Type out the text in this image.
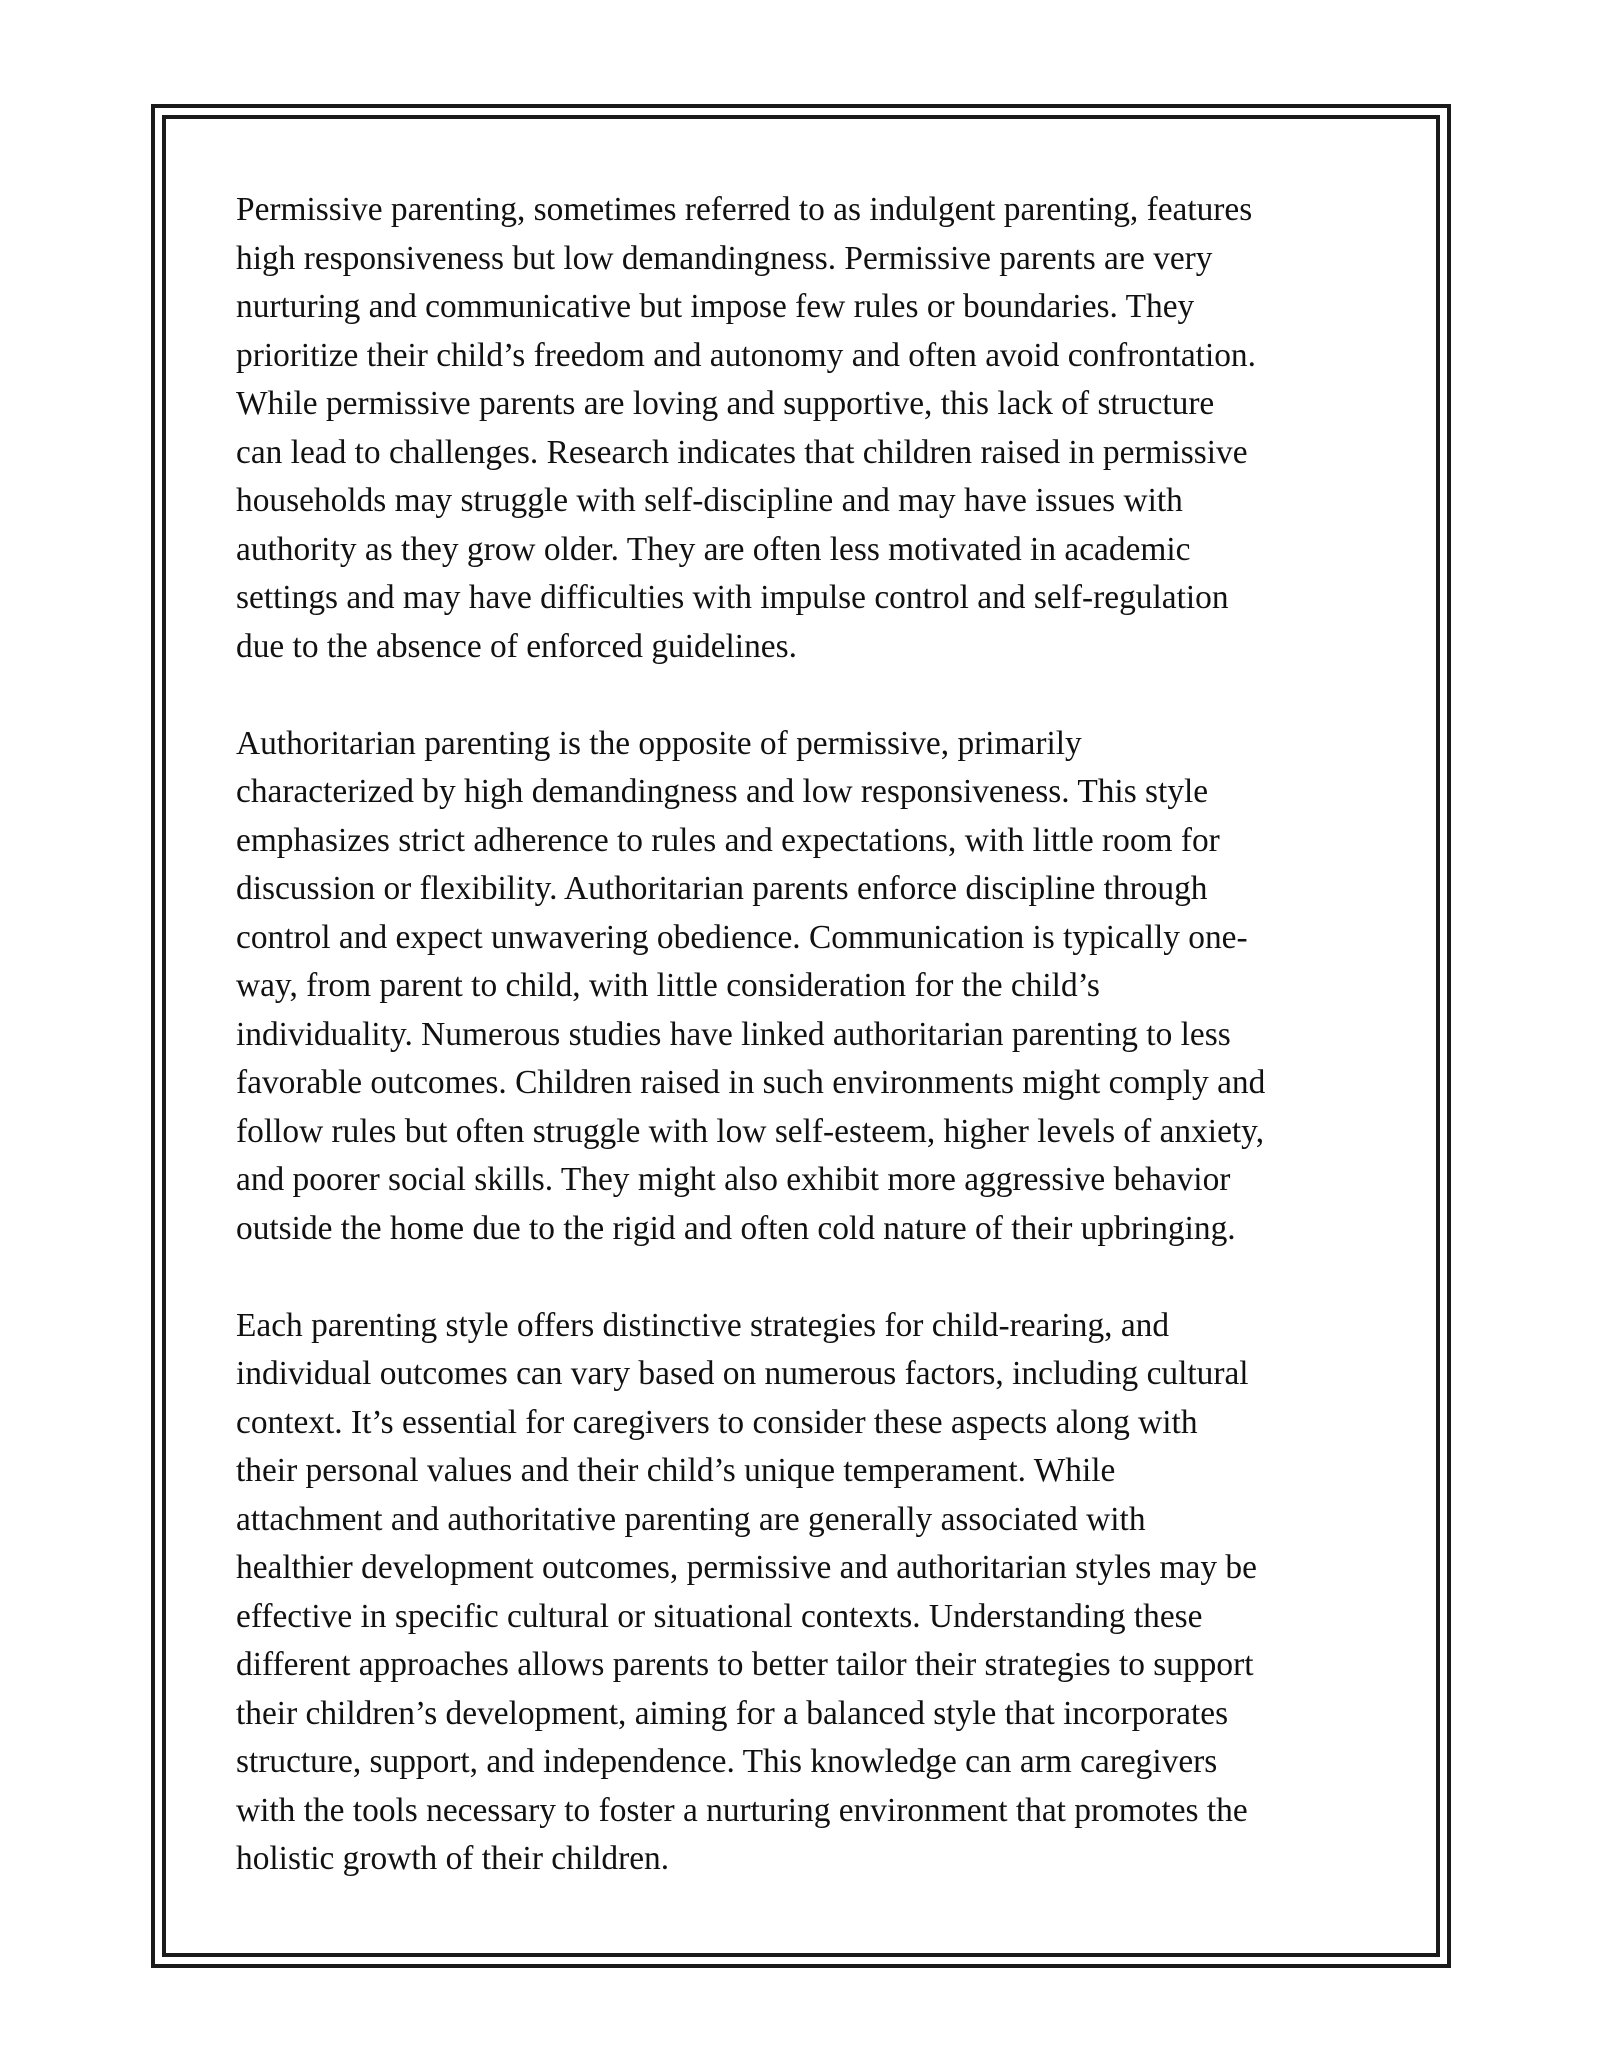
Permissive parenting, sometimes referred to as indulgent parenting, features
high responsiveness but low demandingness. Permissive parents are very
nurturing and communicative but impose few rules or boundaries. They
prioritize their child’s freedom and autonomy and often avoid confrontation.
While permissive parents are loving and supportive, this lack of structure
can lead to challenges. Research indicates that children raised in permissive
households may struggle with self-discipline and may have issues with
authority as they grow older. They are often less motivated in academic
settings and may have difficulties with impulse control and self-regulation
due to the absence of enforced guidelines.

Authoritarian parenting is the opposite of permissive, primarily
characterized by high demandingness and low responsiveness. This style
emphasizes strict adherence to rules and expectations, with little room for
discussion or flexibility. Authoritarian parents enforce discipline through
control and expect unwavering obedience. Communication is typically one-
way, from parent to child, with little consideration for the child’s
individuality. Numerous studies have linked authoritarian parenting to less
favorable outcomes. Children raised in such environments might comply and
follow rules but often struggle with low self-esteem, higher levels of anxiety,
and poorer social skills. They might also exhibit more aggressive behavior
outside the home due to the rigid and often cold nature of their upbringing.

Each parenting style offers distinctive strategies for child-rearing, and
individual outcomes can vary based on numerous factors, including cultural
context. It’s essential for caregivers to consider these aspects along with
their personal values and their child’s unique temperament. While
attachment and authoritative parenting are generally associated with
healthier development outcomes, permissive and authoritarian styles may be
effective in specific cultural or situational contexts. Understanding these
different approaches allows parents to better tailor their strategies to support
their children’s development, aiming for a balanced style that incorporates
structure, support, and independence. This knowledge can arm caregivers
with the tools necessary to foster a nurturing environment that promotes the
holistic growth of their children.
